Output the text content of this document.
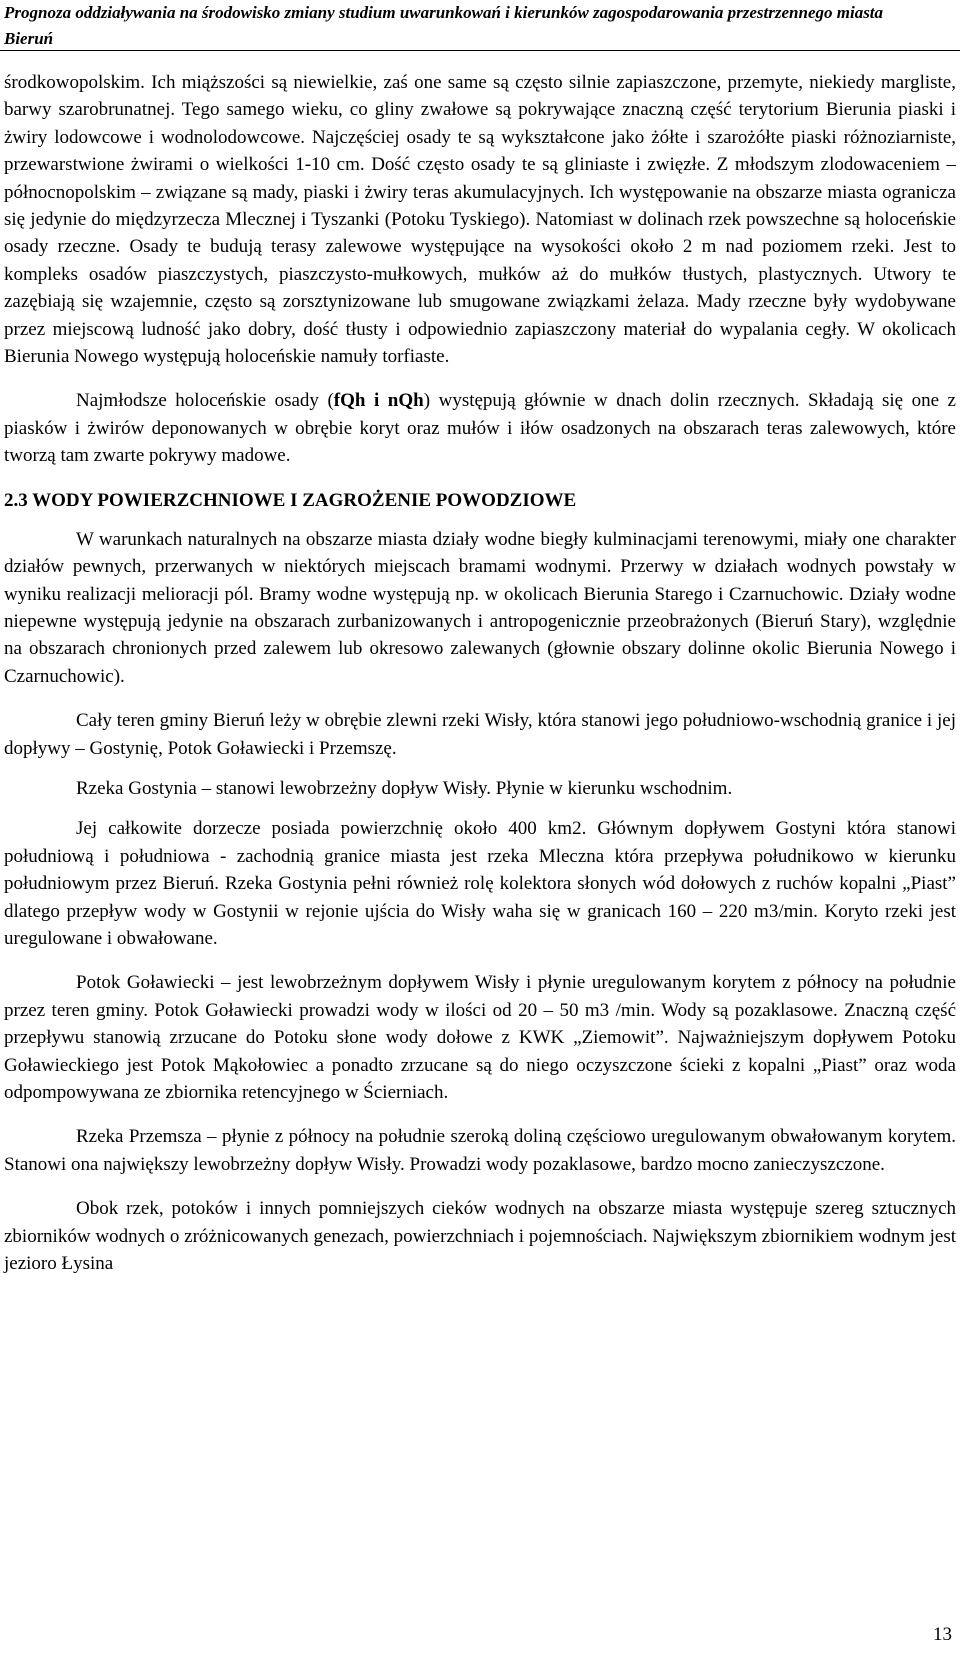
Prognoza oddziaływania na środowisko zmiany studium uwarunkowań i kierunków zagospodarowania przestrzennego miasta Bieruń

środkowopolskim. Ich miąższości są niewielkie, zaś one same są często silnie zapiaszczone, przemyte, niekiedy margliste, barwy szarobrunatnej. Tego samego wieku, co gliny zwałowe są pokrywające znaczną część terytorium Bierunia piaski i żwiry lodowcowe i wodnolodowcowe. Najczęściej osady te są wykształcone jako żółte i szarożółte piaski różnoziarniste, przewarstwione żwirami o wielkości 1-10 cm. Dość często osady te są gliniaste i zwięzłe. Z młodszym zlodowaceniem – północnopolskim – związane są mady, piaski i żwiry teras akumulacyjnych. Ich występowanie na obszarze miasta ogranicza się jedynie do międzyrzecza Mlecznej i Tyszanki (Potoku Tyskiego). Natomiast w dolinach rzek powszechne są holoceńskie osady rzeczne. Osady te budują terasy zalewowe występujące na wysokości około 2 m nad poziomem rzeki. Jest to kompleks osadów piaszczystych, piaszczysto-mułkowych, mułków aż do mułków tłustych, plastycznych. Utwory te zazębiają się wzajemnie, często są zorsztynizowane lub smugowane związkami żelaza. Mady rzeczne były wydobywane przez miejscową ludność jako dobry, dość tłusty i odpowiednio zapiaszczony materiał do wypalania cegły. W okolicach Bierunia Nowego występują holoceńskie namuły torfiaste.

Najmłodsze holoceńskie osady (fQh i nQh) występują głównie w dnach dolin rzecznych. Składają się one z piasków i żwirów deponowanych w obrębie koryt oraz mułów i iłów osadzonych na obszarach teras zalewowych, które tworzą tam zwarte pokrywy madowe.

2.3 WODY POWIERZCHNIOWE I ZAGROŻENIE POWODZIOWE

W warunkach naturalnych na obszarze miasta działy wodne biegły kulminacjami terenowymi, miały one charakter działów pewnych, przerwanych w niektórych miejscach bramami wodnymi. Przerwy w działach wodnych powstały w wyniku realizacji melioracji pól. Bramy wodne występują np. w okolicach Bierunia Starego i Czarnuchowic. Działy wodne niepewne występują jedynie na obszarach zurbanizowanych i antropogenicznie przeobrażonych (Bieruń Stary), względnie na obszarach chronionych przed zalewem lub okresowo zalewanych (głownie obszary dolinne okolic Bierunia Nowego i Czarnuchowic).

Cały teren gminy Bieruń leży w obrębie zlewni rzeki Wisły, która stanowi jego południowo-wschodnią granice i jej dopływy – Gostynię, Potok Goławiecki i Przemszę.

Rzeka Gostynia – stanowi lewobrzeżny dopływ Wisły. Płynie w kierunku wschodnim.

Jej całkowite dorzecze posiada powierzchnię około 400 km2. Głównym dopływem Gostyni która stanowi południową i południowa - zachodnią granice miasta jest rzeka Mleczna która przepływa południkowo w kierunku południowym przez Bieruń. Rzeka Gostynia pełni również rolę kolektora słonych wód dołowych z ruchów kopalni „Piast” dlatego przepływ wody w Gostynii w rejonie ujścia do Wisły waha się w granicach 160 – 220 m3/min. Koryto rzeki jest uregulowane i obwałowane.

Potok Goławiecki – jest lewobrzeżnym dopływem Wisły i płynie uregulowanym korytem z północy na południe przez teren gminy. Potok Goławiecki prowadzi wody w ilości od 20 – 50 m3 /min. Wody są pozaklasowe. Znaczną część przepływu stanowią zrzucane do Potoku słone wody dołowe z KWK „Ziemowit”. Najważniejszym dopływem Potoku Goławieckiego jest Potok Mąkołowiec a ponadto zrzucane są do niego oczyszczone ścieki z kopalni „Piast” oraz woda odpompowywana ze zbiornika retencyjnego w Ścierniach.

Rzeka Przemsza – płynie z północy na południe szeroką doliną częściowo uregulowanym obwałowanym korytem. Stanowi ona największy lewobrzeżny dopływ Wisły. Prowadzi wody pozaklasowe, bardzo mocno zanieczyszczone.

Obok rzek, potoków i innych pomniejszych cieków wodnych na obszarze miasta występuje szereg sztucznych zbiorników wodnych o zróżnicowanych genezach, powierzchniach i pojemnościach. Największym zbiornikiem wodnym jest jezioro Łysina

13
